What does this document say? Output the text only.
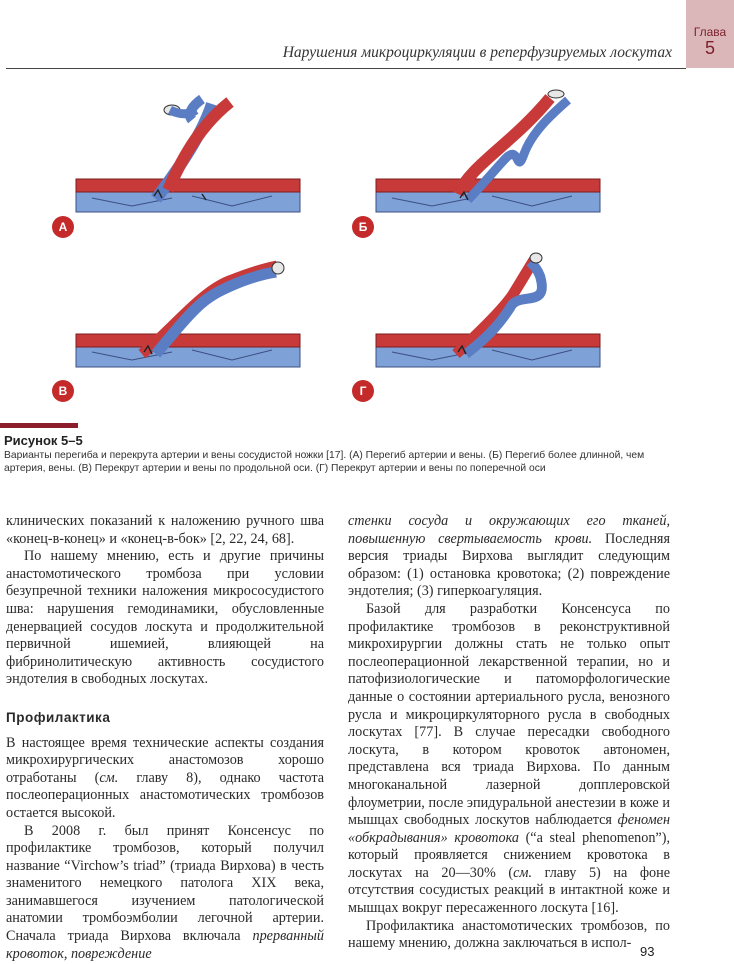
Глава
5
Нарушения микроциркуляции в реперфузируемых лоскутах
А	Б
В	Г
Рисунок 5–5
Варианты перегиба и перекрута артерии и вены сосудистой ножки [17]. (А) Перегиб артерии и вены. (Б) Перегиб более длинной, чем артерия, вены. (В) Перекрут артерии и вены по продольной оси. (Г) Перекрут артерии и вены по поперечной оси

клинических показаний к наложению ручного шва «конец-в-конец» и «конец-в-бок» [2, 22, 24, 68].

По нашему мнению, есть и другие причины анастомотического тромбоза при условии безупречной техники наложения микрососудистого шва: нарушения гемодинамики, обусловленные денервацией сосудов лоскута и продолжительной первичной ишемией, влияющей на фибринолитическую активность сосудистого эндотелия в свободных лоскутах.

Профилактика

В настоящее время технические аспекты создания микрохирургических анастомозов хорошо отработаны (см. главу 8), однако частота послеоперационных анастомотических тромбозов остается высокой.

В 2008 г. был принят Консенсус по профилактике тромбозов, который получил название “Virchow’s triad” (триада Вирхова) в честь знаменитого немецкого патолога XIX века, занимавшегося изучением патологической анатомии тромбоэмболии легочной артерии. Сначала триада Вирхова включала прерванный кровоток, повреждение

стенки сосуда и окружающих его тканей, повышенную свертываемость крови. Последняя версия триады Вирхова выглядит следующим образом: (1) остановка кровотока; (2) повреждение эндотелия; (3) гиперкоагуляция.

Базой для разработки Консенсуса по профилактике тромбозов в реконструктивной микрохирургии должны стать не только опыт послеоперационной лекарственной терапии, но и патофизиологические и патоморфологические данные о состоянии артериального русла, венозного русла и микроциркуляторного русла в свободных лоскутах [77]. В случае пересадки свободного лоскута, в котором кровоток автономен, представлена вся триада Вирхова. По данным многоканальной лазерной допплеровской флоуметрии, после эпидуральной анестезии в коже и мышцах свободных лоскутов наблюдается феномен «обкрадывания» кровотока (“a steal phenomenon”), который проявляется снижением кровотока в лоскутах на 20—30% (см. главу 5) на фоне отсутствия сосудистых реакций в интактной коже и мышцах вокруг пересаженного лоскута [16].

Профилактика анастомотических тромбозов, по нашему мнению, должна заключаться в испол-

93
